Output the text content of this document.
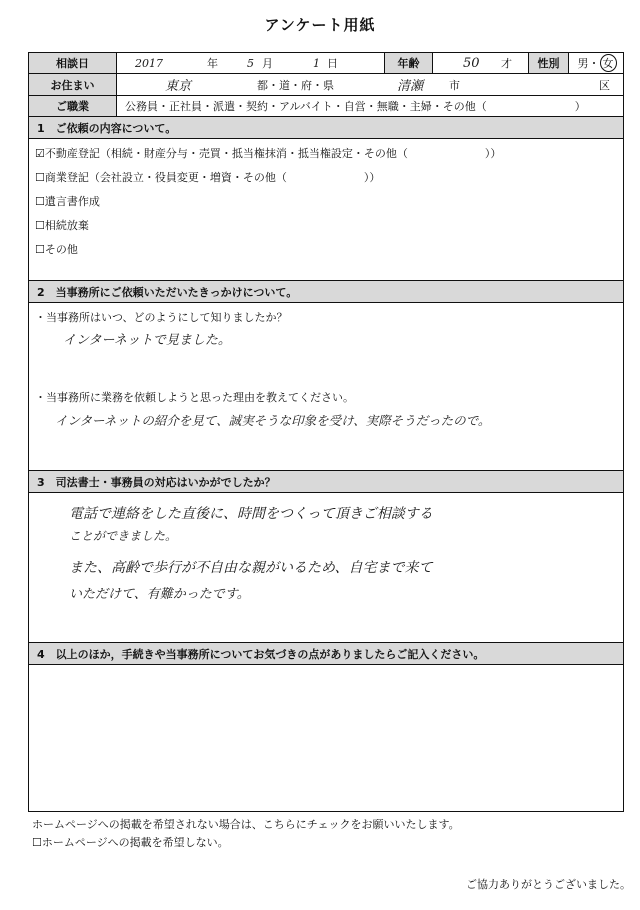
アンケート用紙
相談日	2017	年	5 月	1 日	年齢	50 才	性別	男 ・ 女
お住まい	東京	都・道・府・県	清瀬 市	区
ご職業	公務員・正社員・派遣・契約・アルバイト・自営・無職・主婦・その他（　　　　　　　　）
1　ご依頼の内容について。
☑不動産登記（相続・財産分与・売買・抵当権抹消・抵当権設定・その他（　　　　　　　））
☐商業登記（会社設立・役員変更・増資・その他（　　　　　　　））
☐遺言書作成
☐相続放棄
☐その他
2　当事務所にご依頼いただいたきっかけについて。
・当事務所はいつ、どのようにして知りましたか？
インターネットで見ました。
・当事務所に業務を依頼しようと思った理由を教えてください。
インターネットの紹介を見て、誠実そうな印象を受け、実際そうだったので。
3　司法書士・事務員の対応はいかがでしたか？
電話で連絡をした直後に、時間をつくって頂きご相談する
ことができました。
また、高齢で歩行が不自由な親がいるため、自宅まで来て
いただけて、有難かったです。
4　以上のほか，手続きや当事務所についてお気づきの点がありましたらご記入ください。
ホームページへの掲載を希望されない場合は、こちらにチェックをお願いいたします。
☐ホームページへの掲載を希望しない。
ご協力ありがとうございました。
